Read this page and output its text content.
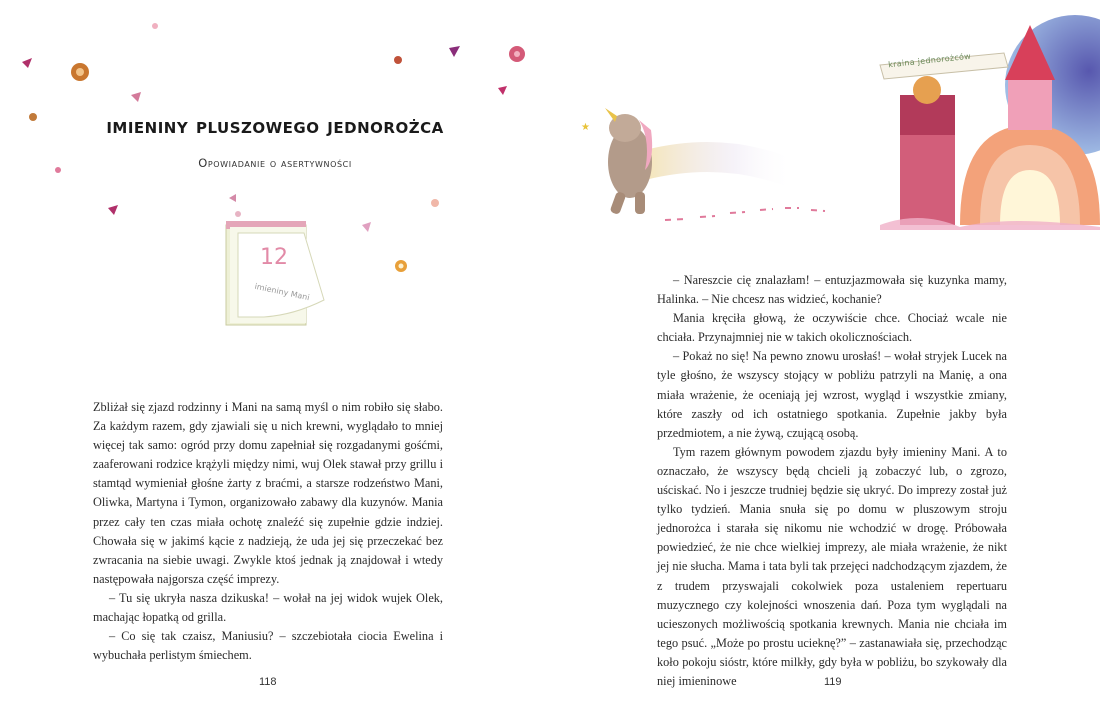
imieniny pluszowego jednorożca
Opowiadanie o asertywności
12
imieniny Mani

Zbliżał się zjazd rodzinny i Mani na samą myśl o nim robiło się słabo. Za każdym razem, gdy zjawiali się u nich krewni, wyglądało to mniej więcej tak samo: ogród przy domu zapełniał się rozgadanymi gośćmi, zaaferowani rodzice krążyli między nimi, wuj Olek stawał przy grillu i stamtąd wymieniał głośne żarty z braćmi, a starsze rodzeństwo Mani, Oliwka, Martyna i Tymon, organizowało zabawy dla kuzynów. Mania przez cały ten czas miała ochotę znaleźć się zupełnie gdzie indziej. Chowała się w jakimś kącie z nadzieją, że uda jej się przeczekać bez zwracania na siebie uwagi. Zwykle ktoś jednak ją znajdował i wtedy następowała najgorsza część imprezy.

– Tu się ukryła nasza dzikuska! – wołał na jej widok wujek Olek, machając łopatką od grilla.

– Co się tak czaisz, Maniusiu? – szczebiotała ciocia Ewelina i wybuchała perlistym śmiechem.

118
★
kraina jednorożców

– Nareszcie cię znalazłam! – entuzjazmowała się kuzynka mamy, Halinka. – Nie chcesz nas widzieć, kochanie?

Mania kręciła głową, że oczywiście chce. Chociaż wcale nie chciała. Przynajmniej nie w takich okolicznościach.

– Pokaż no się! Na pewno znowu urosłaś! – wołał stryjek Lucek na tyle głośno, że wszyscy stojący w pobliżu patrzyli na Manię, a ona miała wrażenie, że oceniają jej wzrost, wygląd i wszystkie zmiany, które zaszły od ich ostatniego spotkania. Zupełnie jakby była przedmiotem, a nie żywą, czującą osobą.

Tym razem głównym powodem zjazdu były imieniny Mani. A to oznaczało, że wszyscy będą chcieli ją zobaczyć lub, o zgrozo, uściskać. No i jeszcze trudniej będzie się ukryć. Do imprezy został już tylko tydzień. Mania snuła się po domu w pluszowym stroju jednorożca i starała się nikomu nie wchodzić w drogę. Próbowała powiedzieć, że nie chce wielkiej imprezy, ale miała wrażenie, że nikt jej nie słucha. Mama i tata byli tak przejęci nadchodzącym zjazdem, że z trudem przyswajali cokolwiek poza ustaleniem repertuaru muzycznego czy kolejności wnoszenia dań. Poza tym wyglądali na ucieszonych możliwością spotkania krewnych. Mania nie chciała im tego psuć. „Może po prostu ucieknę?” – zastanawiała się, przechodząc koło pokoju sióstr, które milkły, gdy była w pobliżu, bo szykowały dla niej imieninowe	119
